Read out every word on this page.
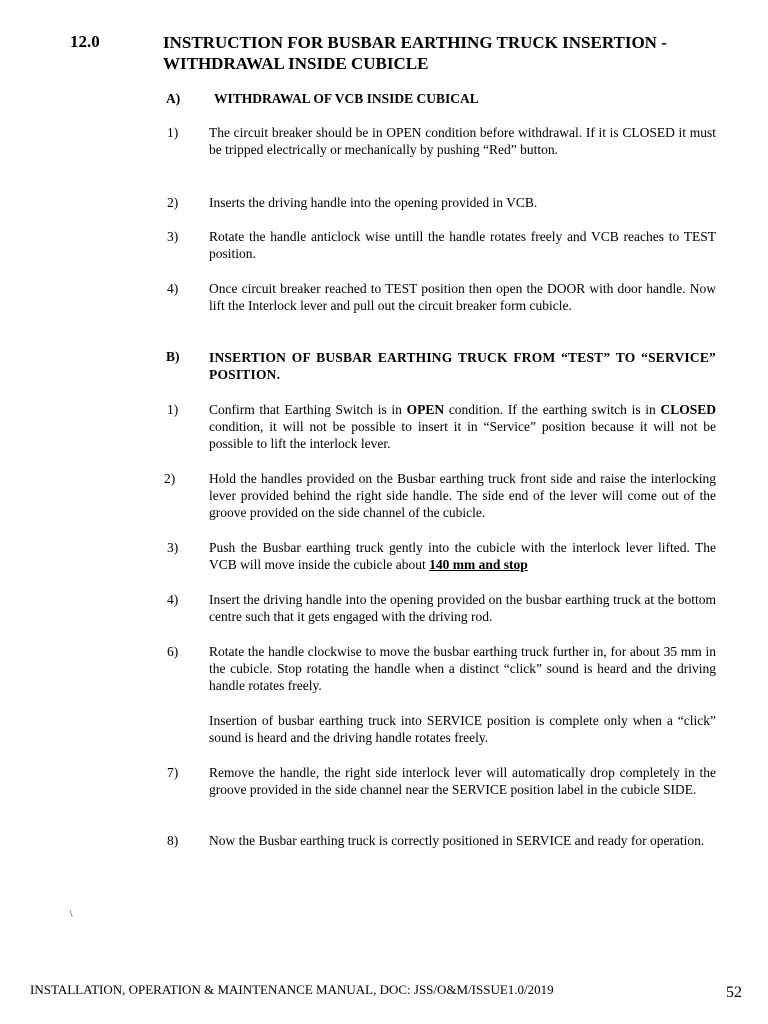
12.0	INSTRUCTION FOR BUSBAR EARTHING TRUCK INSERTION - WITHDRAWAL INSIDE CUBICLE
A)	WITHDRAWAL OF VCB INSIDE CUBICAL
1) The circuit breaker should be in OPEN condition before withdrawal. If it is CLOSED it must be tripped electrically or mechanically by pushing “Red” button.
2) Inserts the driving handle into the opening provided in VCB.
3) Rotate the handle anticlock wise untill the handle rotates freely and VCB reaches to TEST position.
4) Once circuit breaker reached to TEST position then open the DOOR with door handle. Now lift the Interlock lever and pull out the circuit breaker form cubicle.
B) INSERTION OF BUSBAR EARTHING TRUCK FROM “TEST” TO “SERVICE” POSITION.
1) Confirm that Earthing Switch is in OPEN condition. If the earthing switch is in CLOSED condition, it will not be possible to insert it in “Service” position because it will not be possible to lift the interlock lever.
2)	Hold the handles provided on the Busbar earthing truck front side and raise the interlocking lever provided behind the right side handle. The side end of the lever will come out of the groove provided on the side channel of the cubicle.
3) Push the Busbar earthing truck gently into the cubicle with the interlock lever lifted. The VCB will move inside the cubicle about 140 mm and stop
4) Insert the driving handle into the opening provided on the busbar earthing truck at the bottom centre such that it gets engaged with the driving rod.
6) Rotate the handle clockwise to move the busbar earthing truck further in, for about 35 mm in the cubicle. Stop rotating the handle when a distinct “click” sound is heard and the driving handle rotates freely.
Insertion of busbar earthing truck into SERVICE position is complete only when a “click” sound is heard and the driving handle rotates freely.
7) Remove the handle, the right side interlock lever will automatically drop completely in the groove provided in the side channel near the SERVICE position label in the cubicle SIDE.
8) Now the Busbar earthing truck is correctly positioned in SERVICE and ready for operation.
\
INSTALLATION, OPERATION & MAINTENANCE MANUAL, DOC: JSS/O&M/ISSUE1.0/2019	52
